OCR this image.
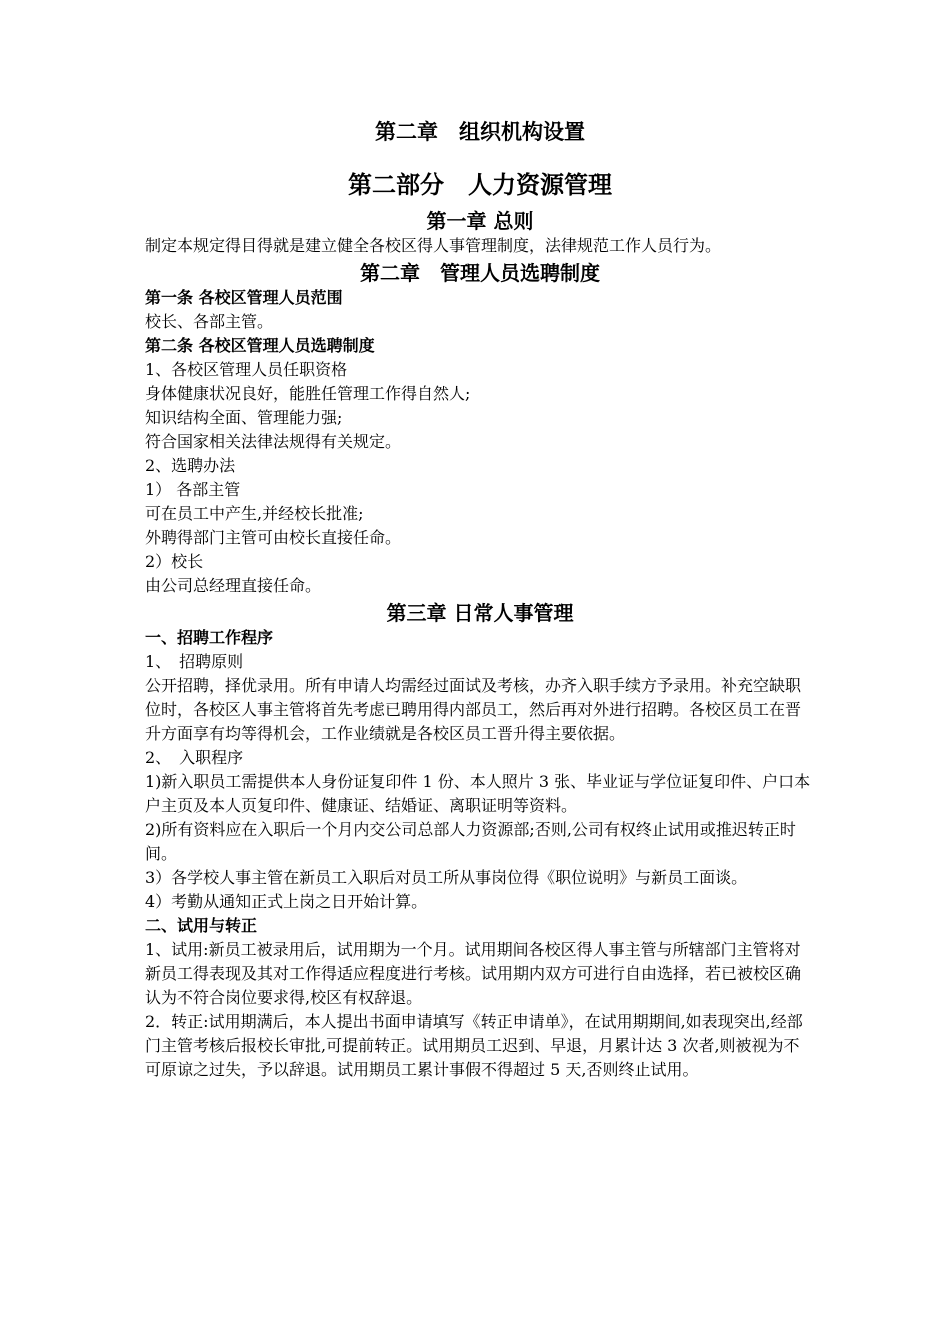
第二章　组织机构设置

第二部分　人力资源管理

第一章 总则

制定本规定得目得就是建立健全各校区得人事管理制度，法律规范工作人员行为。

第二章　管理人员选聘制度

第一条 各校区管理人员范围

校长、各部主管。

第二条 各校区管理人员选聘制度

1、各校区管理人员任职资格

身体健康状况良好，能胜任管理工作得自然人;

知识结构全面、管理能力强;

符合国家相关法律法规得有关规定。

2、选聘办法

1） 各部主管

可在员工中产生,并经校长批准;

外聘得部门主管可由校长直接任命。

2）校长

由公司总经理直接任命。

第三章 日常人事管理

一、招聘工作程序

1、　招聘原则

公开招聘，择优录用。所有申请人均需经过面试及考核，办齐入职手续方予录用。补充空缺职位时，各校区人事主管将首先考虑已聘用得内部员工，然后再对外进行招聘。各校区员工在晋升方面享有均等得机会，工作业绩就是各校区员工晋升得主要依据。

2、　入职程序

1)新入职员工需提供本人身份证复印件 1 份、本人照片 3 张、毕业证与学位证复印件、户口本户主页及本人页复印件、健康证、结婚证、离职证明等资料。

2)所有资料应在入职后一个月内交公司总部人力资源部;否则,公司有权终止试用或推迟转正时间。

3）各学校人事主管在新员工入职后对员工所从事岗位得《职位说明》与新员工面谈。

4）考勤从通知正式上岗之日开始计算。

二、试用与转正

1、试用:新员工被录用后，试用期为一个月。试用期间各校区得人事主管与所辖部门主管将对新员工得表现及其对工作得适应程度进行考核。试用期内双方可进行自由选择，若已被校区确认为不符合岗位要求得,校区有权辞退。

2．转正:试用期满后，本人提出书面申请填写《转正申请单》，在试用期期间,如表现突出,经部门主管考核后报校长审批,可提前转正。试用期员工迟到、早退，月累计达 3 次者,则被视为不可原谅之过失，予以辞退。试用期员工累计事假不得超过 5 天,否则终止试用。
